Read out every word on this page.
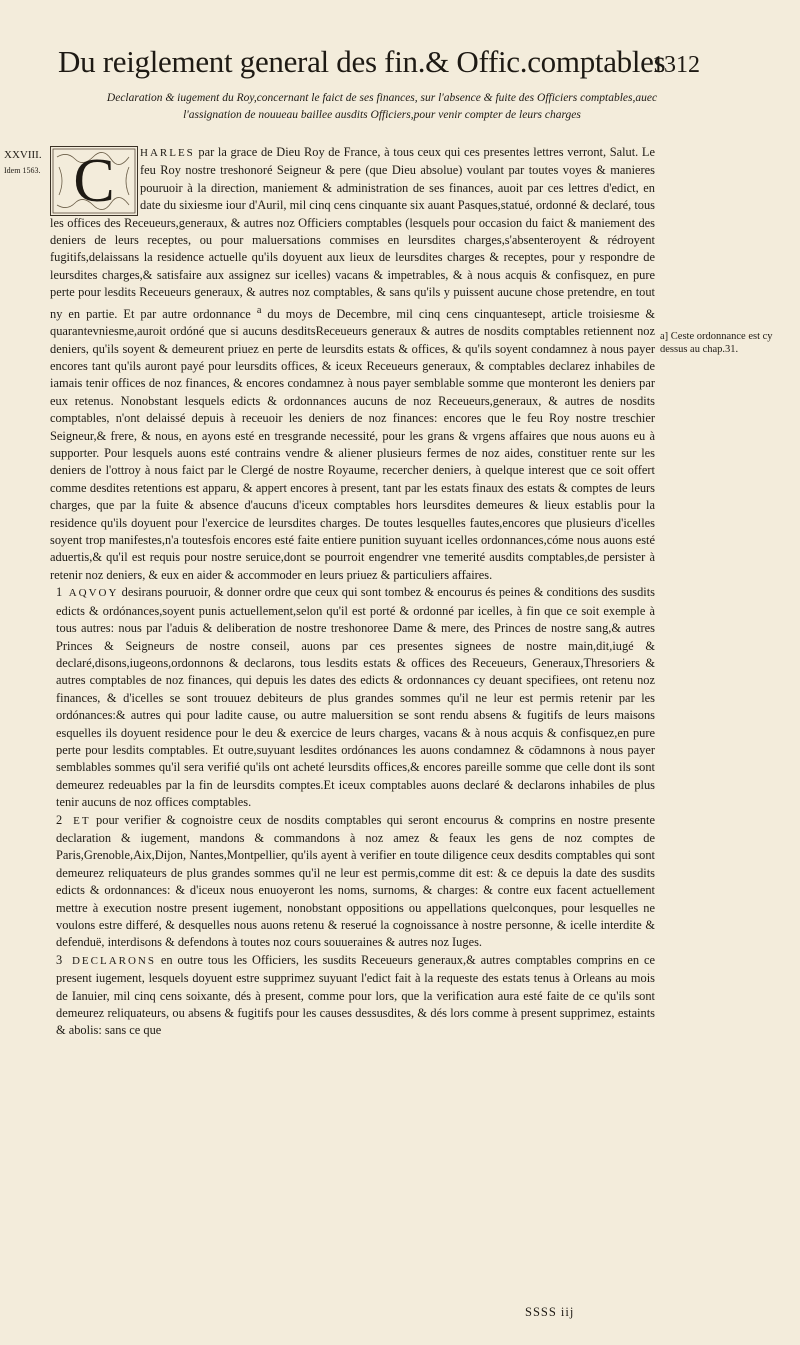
Du reiglement general des fin.& Offic.comptables
1312
Declaration & iugement du Roy,concernant le faict de ses finances, sur l'absence & fuite des Officiers comptables,auec l'assignation de nouueau baillee ausdits Officiers,pour venir compter de leurs charges
XXVIII.
Idem 1563.
a] Ceste ordonnance est cy dessus au chap.31.

HARLES par la grace de Dieu Roy de France, à tous ceux qui ces presentes lettres verront, Salut. Le feu Roy nostre treshonoré Seigneur & pere (que Dieu absolue) voulant par toutes voyes & manieres pouruoir à la direction, maniement & administration de ses finances, auoit par ces lettres d'edict, en date du sixiesme iour d'Auril, mil cinq cens cinquante six auant Pasques,statué, ordonné & declaré, tous les offices des Receueurs,generaux, & autres noz Officiers comptables (lesquels pour occasion du faict & maniement des deniers de leurs receptes, ou pour maluersations commises en leursdites charges,s'absenteroyent & rédroyent fugitifs,delaissans la residence actuelle qu'ils doyuent aux lieux de leursdites charges & receptes, pour y respondre de leursdites charges,& satisfaire aux assignez sur icelles) vacans & impetrables, & à nous acquis & confisquez, en pure perte pour lesdits Receueurs generaux, & autres noz comptables, & sans qu'ils y puissent aucune chose pretendre, en tout ny en partie. Et par autre ordonnance $^a$ du moys de Decembre, mil cinq cens cinquantesept, article troisiesme & quarantevniesme,auroit ordóné que si aucuns desditsReceueurs generaux & autres de nosdits comptables retiennent noz deniers, qu'ils soyent & demeurent priuez en perte de leursdits estats & offices, & qu'ils soyent condamnez à nous payer encores tant qu'ils auront payé pour leursdits offices, & iceux Receueurs generaux, & comptables declarez inhabiles de iamais tenir offices de noz finances, & encores condamnez à nous payer semblable somme que monteront les deniers par eux retenus. Nonobstant lesquels edicts & ordonnances aucuns de noz Receueurs,generaux, & autres de nosdits comptables, n'ont delaissé depuis à receuoir les deniers de noz finances: encores que le feu Roy nostre treschier Seigneur,& frere, & nous, en ayons esté en tresgrande necessité, pour les grans & vrgens affaires que nous auons eu à supporter. Pour lesquels auons esté contrains vendre & aliener plusieurs fermes de noz aides, constituer rente sur les deniers de l'ottroy à nous faict par le Clergé de nostre Royaume, recercher deniers, à quelque interest que ce soit offert comme desdites retentions est apparu, & appert encores à present, tant par les estats finaux des estats & comptes de leurs charges, que par la fuite & absence d'aucuns d'iceux comptables hors leursdites demeures & lieux establis pour la residence qu'ils doyuent pour l'exercice de leursdites charges. De toutes lesquelles fautes,encores que plusieurs d'icelles soyent trop manifestes,n'a toutesfois encores esté faite entiere punition suyuant icelles ordonnances,cóme nous auons esté aduertis,& qu'il est requis pour nostre seruice,dont se pourroit engendrer vne temerité ausdits comptables,de persister à retenir noz deniers, & eux en aider & accommoder en leurs priuez & particuliers affaires.

1 AQVOY desirans pouruoir, & donner ordre que ceux qui sont tombez & encourus és peines & conditions des susdits edicts & ordónances,soyent punis actuellement,selon qu'il est porté & ordonné par icelles, à fin que ce soit exemple à tous autres: nous par l'aduis & deliberation de nostre treshonoree Dame & mere, des Princes de nostre sang,& autres Princes & Seigneurs de nostre conseil, auons par ces presentes signees de nostre main,dit,iugé & declaré,disons,iugeons,ordonnons & declarons, tous lesdits estats & offices des Receueurs, Generaux,Thresoriers & autres comptables de noz finances, qui depuis les dates des edicts & ordonnances cy deuant specifiees, ont retenu noz finances, & d'icelles se sont trouuez debiteurs de plus grandes sommes qu'il ne leur est permis retenir par les ordónances:& autres qui pour ladite cause, ou autre maluersition se sont rendu absens & fugitifs de leurs maisons esquelles ils doyuent residence pour le deu & exercice de leurs charges, vacans & à nous acquis & confisquez,en pure perte pour lesdits comptables. Et outre,suyuant lesdites ordónances les auons condamnez & cōdamnons à nous payer semblables sommes qu'il sera verifié qu'ils ont acheté leursdits offices,& encores pareille somme que celle dont ils sont demeurez redeuables par la fin de leursdits comptes.Et iceux comptables auons declaré & declarons inhabiles de plus tenir aucuns de noz offices comptables.

2 ET pour verifier & cognoistre ceux de nosdits comptables qui seront encourus & comprins en nostre presente declaration & iugement, mandons & commandons à noz amez & feaux les gens de noz comptes de Paris,Grenoble,Aix,Dijon, Nantes,Montpellier, qu'ils ayent à verifier en toute diligence ceux desdits comptables qui sont demeurez reliquateurs de plus grandes sommes qu'il ne leur est permis,comme dit est: & ce depuis la date des susdits edicts & ordonnances: & d'iceux nous enuoyeront les noms, surnoms, & charges: & contre eux facent actuellement mettre à execution nostre present iugement, nonobstant oppositions ou appellations quelconques, pour lesquelles ne voulons estre differé, & desquelles nous auons retenu & reserué la cognoissance à nostre personne, & icelle interdite & defenduë, interdisons & defendons à toutes noz cours souueraines & autres noz Iuges.

3 DECLARONS en outre tous les Officiers, les susdits Receueurs generaux,& autres comptables comprins en ce present iugement, lesquels doyuent estre supprimez suyuant l'edict fait à la requeste des estats tenus à Orleans au mois de Ianuier, mil cinq cens soixante, dés à present, comme pour lors, que la verification aura esté faite de ce qu'ils sont demeurez reliquateurs, ou absens & fugitifs pour les causes dessusdites, & dés lors comme à present supprimez, estaints & abolis: sans ce que

C
SSSS iij
